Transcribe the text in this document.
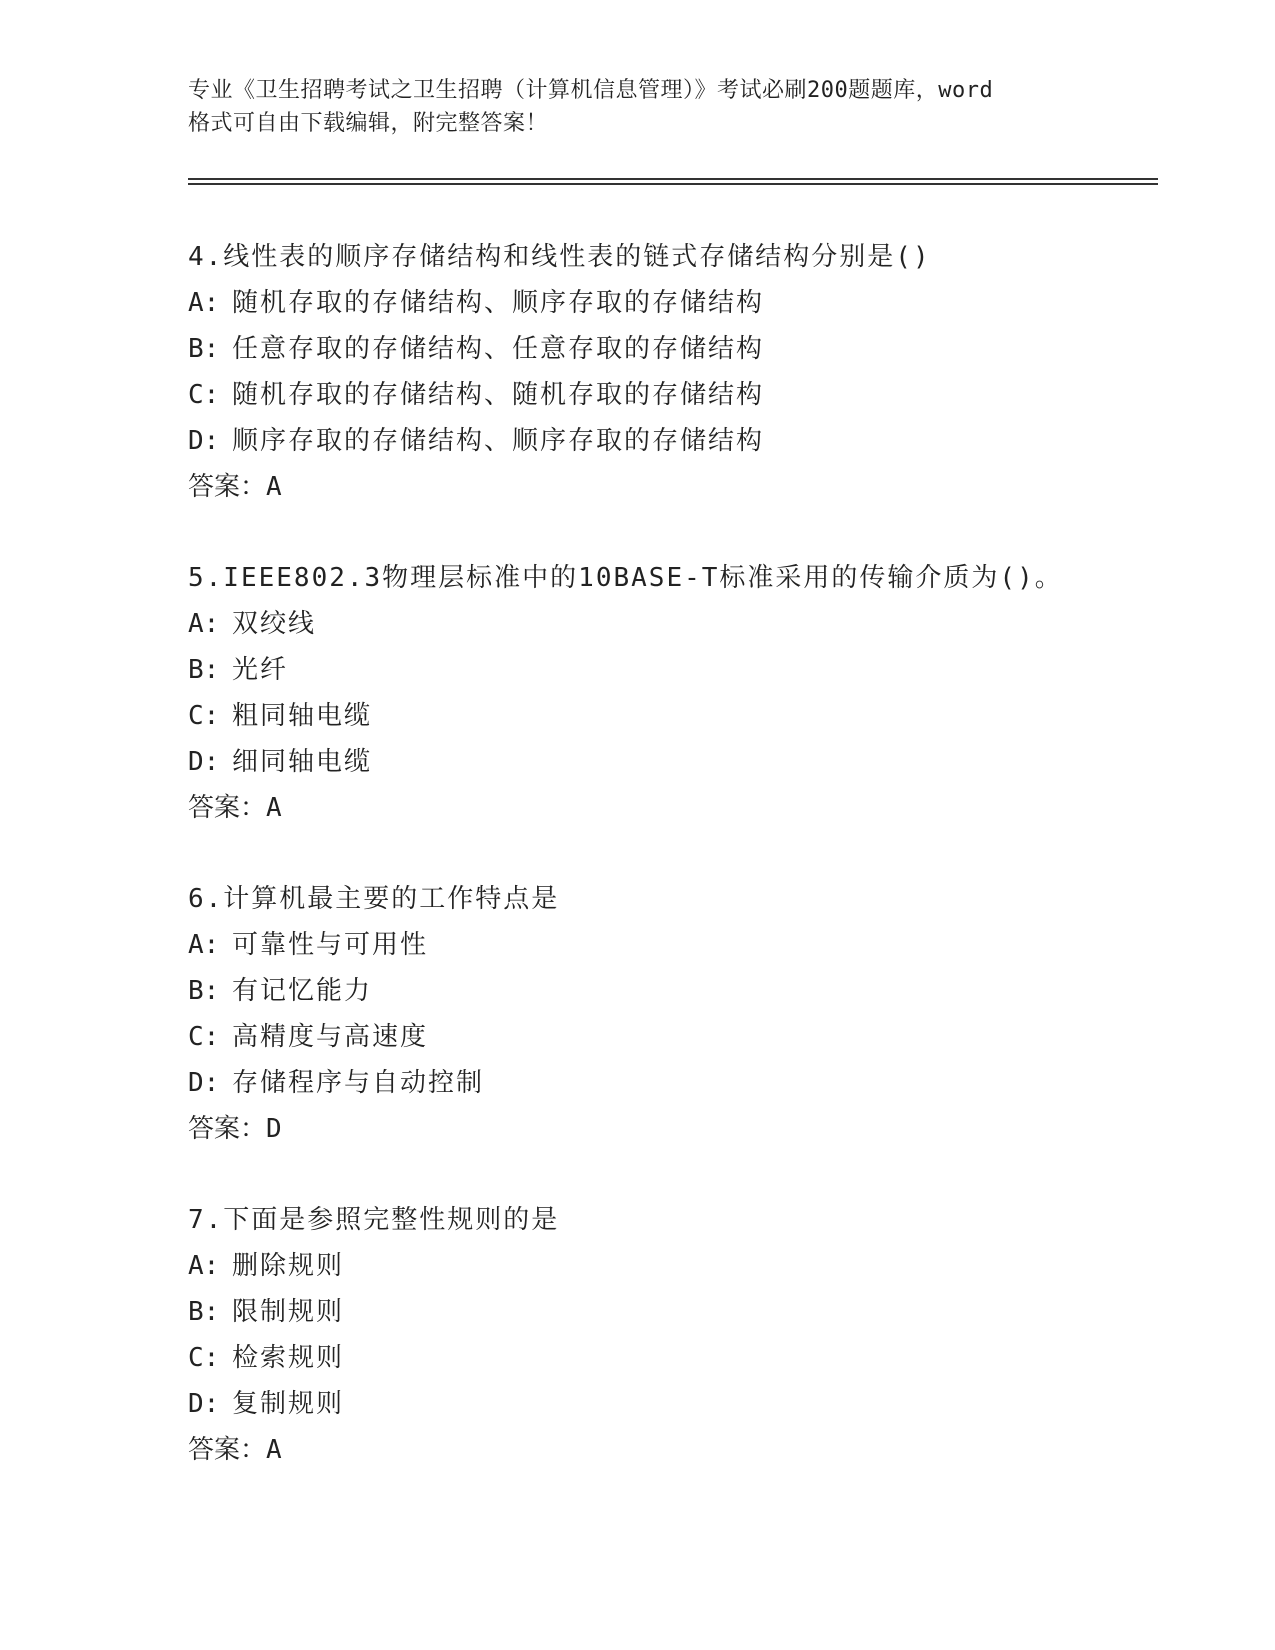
专业《卫生招聘考试之卫生招聘（计算机信息管理）》考试必刷200题题库，word
格式可自由下载编辑，附完整答案！
4.线性表的顺序存储结构和线性表的链式存储结构分别是()
A: 随机存取的存储结构、顺序存取的存储结构
B: 任意存取的存储结构、任意存取的存储结构
C: 随机存取的存储结构、随机存取的存储结构
D: 顺序存取的存储结构、顺序存取的存储结构
答案：A
5.IEEE802.3物理层标准中的10BASE-T标准采用的传输介质为()。
A: 双绞线
B: 光纤
C: 粗同轴电缆
D: 细同轴电缆
答案：A
6.计算机最主要的工作特点是
A: 可靠性与可用性
B: 有记忆能力
C: 高精度与高速度
D: 存储程序与自动控制
答案：D
7.下面是参照完整性规则的是
A: 删除规则
B: 限制规则
C: 检索规则
D: 复制规则
答案：A
